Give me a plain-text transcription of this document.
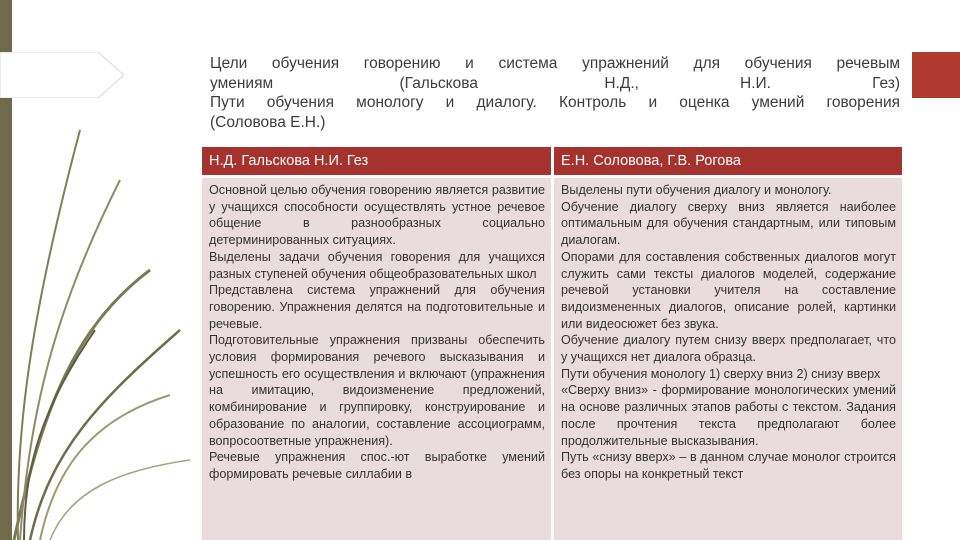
Цели обучения говорению и система упражнений для обучения речевым
умениям                    (Гальскова                    Н.Д.,                Н.И.                Гез)
Пути обучения монологу и диалогу. Контроль и оценка умений говорения
(Соловова Е.Н.)
Н.Д. Гальскова Н.И. Гез	Е.Н. Соловова, Г.В. Рогова

Основной целью обучения говорению является развитие у учащихся способности осуществлять устное речевое общение в разнообразных социально детерминированных ситуациях.

Выделены задачи обучения говорения для учащихся разных ступеней обучения общеобразовательных школ

Представлена система упражнений для обучения говорению. Упражнения делятся на подготовительные и речевые.

Подготовительные упражнения призваны обеспечить условия формирования речевого высказывания и успешность его осуществления и включают (упражнения на имитацию, видоизменение предложений, комбинирование и группировку, конструирование и образование по аналогии, составление ассоциограмм, вопросоответные упражнения).

Речевые упражнения спос.-ют выработке умений формировать речевые силлабии в

Выделены пути обучения диалогу и монологу.

Обучение диалогу сверху вниз является наиболее оптимальным для обучения стандартным, или типовым диалогам.

Опорами для составления собственных диалогов могут служить сами тексты диалогов моделей, содержание речевой установки учителя на составление видоизмененных диалогов, описание ролей, картинки или видеосюжет без звука.

Обучение диалогу путем снизу вверх предполагает, что у учащихся нет диалога образца.

Пути обучения монологу 1) сверху вниз 2) снизу вверх

«Сверху вниз» - формирование монологических умений на основе различных этапов работы с текстом. Задания после прочтения текста предполагают более продолжительные высказывания.

Путь «снизу вверх» – в данном случае монолог строится без опоры на конкретный текст
